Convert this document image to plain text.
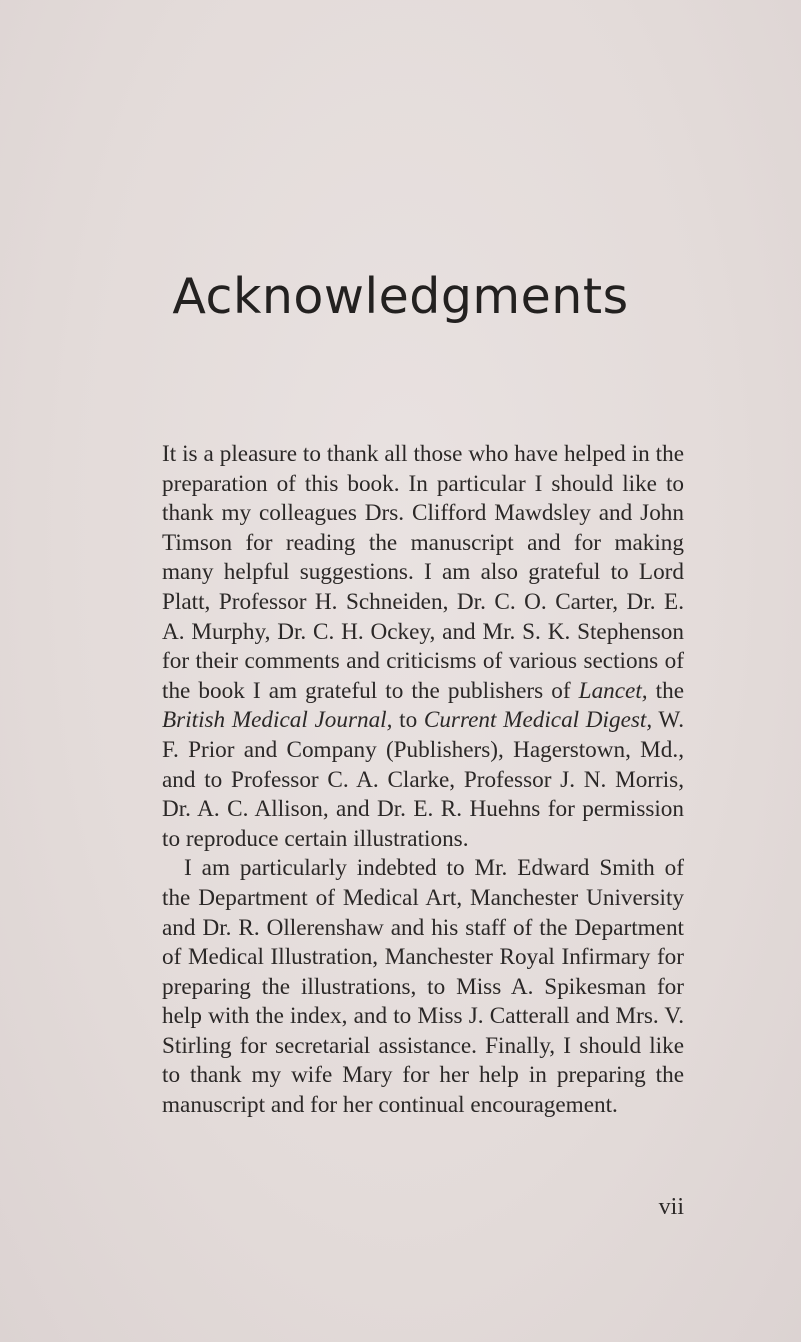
Acknowledgments

It is a pleasure to thank all those who have helped in the preparation of this book. In particular I should like to thank my colleagues Drs. Clifford Mawdsley and John Timson for reading the manuscript and for making many helpful suggestions. I am also grateful to Lord Platt, Professor H. Schneiden, Dr. C. O. Carter, Dr. E. A. Murphy, Dr. C. H. Ockey, and Mr. S. K. Stephenson for their comments and criticisms of various sections of the book I am grateful to the publishers of Lancet, the British Medical Journal, to Current Medical Digest, W. F. Prior and Company (Publishers), Hagerstown, Md., and to Professor C. A. Clarke, Professor J. N. Morris, Dr. A. C. Allison, and Dr. E. R. Huehns for permission to reproduce certain illustrations.

I am particularly indebted to Mr. Edward Smith of the Department of Medical Art, Manchester University and Dr. R. Ollerenshaw and his staff of the Department of Medical Illustration, Manchester Royal Infirmary for preparing the illustrations, to Miss A. Spikesman for help with the index, and to Miss J. Catterall and Mrs. V. Stirling for secretarial assistance. Finally, I should like to thank my wife Mary for her help in preparing the manuscript and for her continual encouragement.

vii
